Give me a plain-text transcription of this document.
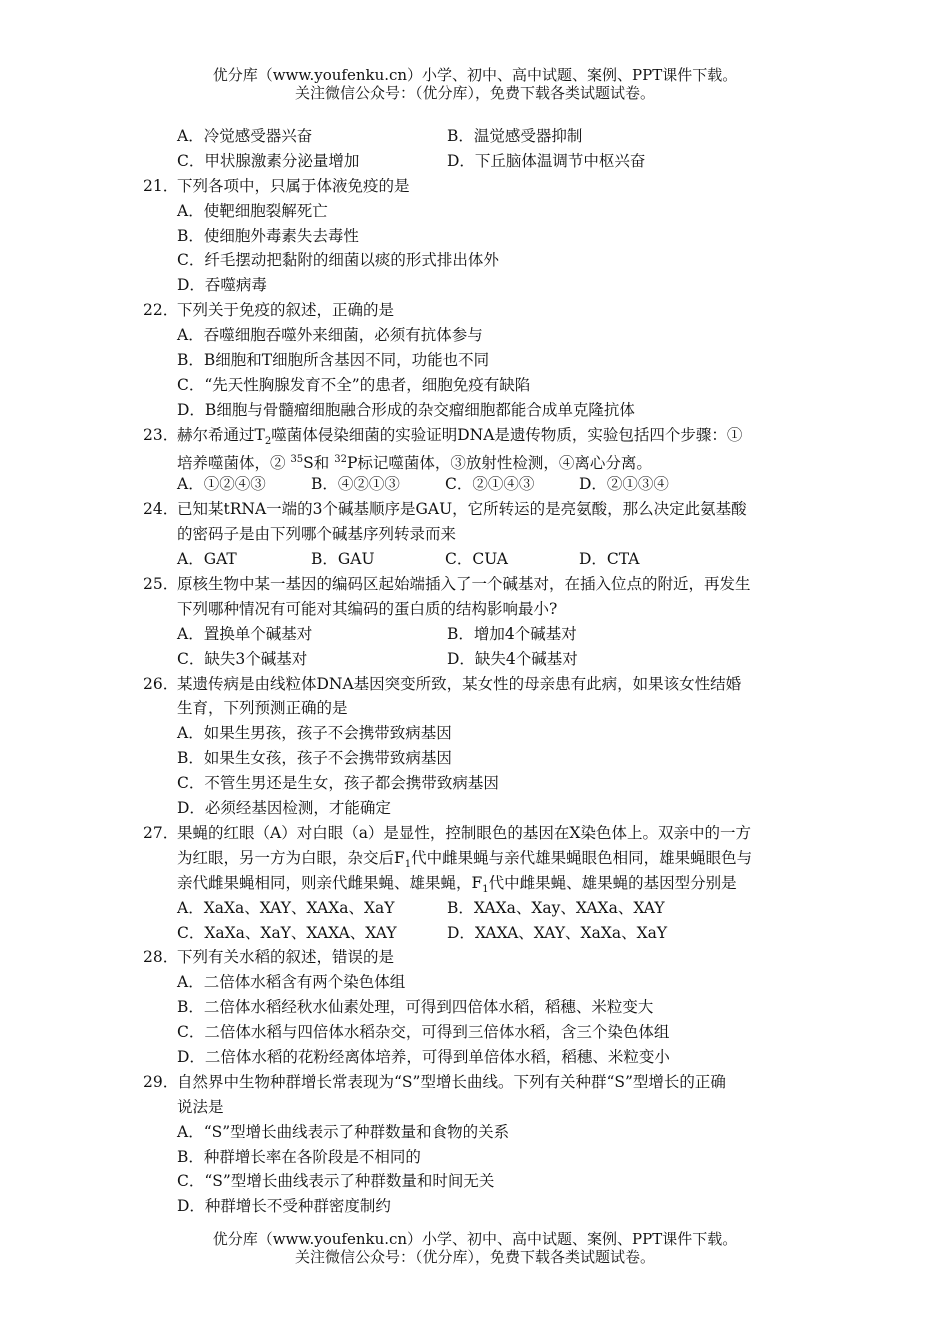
优分库（www.youfenku.cn）小学、初中、高中试题、案例、PPT课件下载。
关注微信公众号：（优分库），免费下载各类试题试卷。
A．冷觉感受器兴奋	B．温觉感受器抑制
C．甲状腺激素分泌量增加	D．下丘脑体温调节中枢兴奋
21．
下列各项中，只属于体液免疫的是
A．使靶细胞裂解死亡
B．使细胞外毒素失去毒性
C．纤毛摆动把黏附的细菌以痰的形式排出体外
D．吞噬病毒
22．
下列关于免疫的叙述，正确的是
A．吞噬细胞吞噬外来细菌，必须有抗体参与
B．B细胞和T细胞所含基因不同，功能也不同
C．“先天性胸腺发育不全”的患者，细胞免疫有缺陷
D．B细胞与骨髓瘤细胞融合形成的杂交瘤细胞都能合成单克隆抗体
23．
赫尔希通过$T_2$噬菌体侵染细菌的实验证明DNA是遗传物质，实验包括四个步骤：①
培养噬菌体，② $^{35}$S和 $^{32}$P标记噬菌体，③放射性检测，④离心分离。
A．①②④③	B．④②①③	C．②①④③	D．②①③④
24．
已知某tRNA一端的3个碱基顺序是GAU，它所转运的是亮氨酸，那么决定此氨基酸
的密码子是由下列哪个碱基序列转录而来
A．GAT	B．GAU	C．CUA	D．CTA
25．
原核生物中某一基因的编码区起始端插入了一个碱基对，在插入位点的附近，再发生
下列哪种情况有可能对其编码的蛋白质的结构影响最小?
A．置换单个碱基对	B．增加4个碱基对
C．缺失3个碱基对	D．缺失4个碱基对
26．
某遗传病是由线粒体DNA基因突变所致，某女性的母亲患有此病，如果该女性结婚
生育，下列预测正确的是
A．如果生男孩，孩子不会携带致病基因
B．如果生女孩，孩子不会携带致病基因
C．不管生男还是生女，孩子都会携带致病基因
D．必须经基因检测，才能确定
27．
果蝇的红眼（A）对白眼（a）是显性，控制眼色的基因在X染色体上。双亲中的一方
为红眼，另一方为白眼，杂交后$F_1$代中雌果蝇与亲代雄果蝇眼色相同，雄果蝇眼色与
亲代雌果蝇相同，则亲代雌果蝇、雄果蝇，$F_1$代中雌果蝇、雄果蝇的基因型分别是
A．XaXa、XAY、XAXa、XaY	B．XAXa、Xay、XAXa、XAY
C．XaXa、XaY、XAXA、XAY	D．XAXA、XAY、XaXa、XaY
28．
下列有关水稻的叙述，错误的是
A．二倍体水稻含有两个染色体组
B．二倍体水稻经秋水仙素处理，可得到四倍体水稻，稻穗、米粒变大
C．二倍体水稻与四倍体水稻杂交，可得到三倍体水稻，含三个染色体组
D．二倍体水稻的花粉经离体培养，可得到单倍体水稻，稻穗、米粒变小
29．
自然界中生物种群增长常表现为“S”型增长曲线。下列有关种群“S”型增长的正确
说法是
A．“S”型增长曲线表示了种群数量和食物的关系
B．种群增长率在各阶段是不相同的
C．“S”型增长曲线表示了种群数量和时间无关
D．种群增长不受种群密度制约
优分库（www.youfenku.cn）小学、初中、高中试题、案例、PPT课件下载。
关注微信公众号：（优分库），免费下载各类试题试卷。
